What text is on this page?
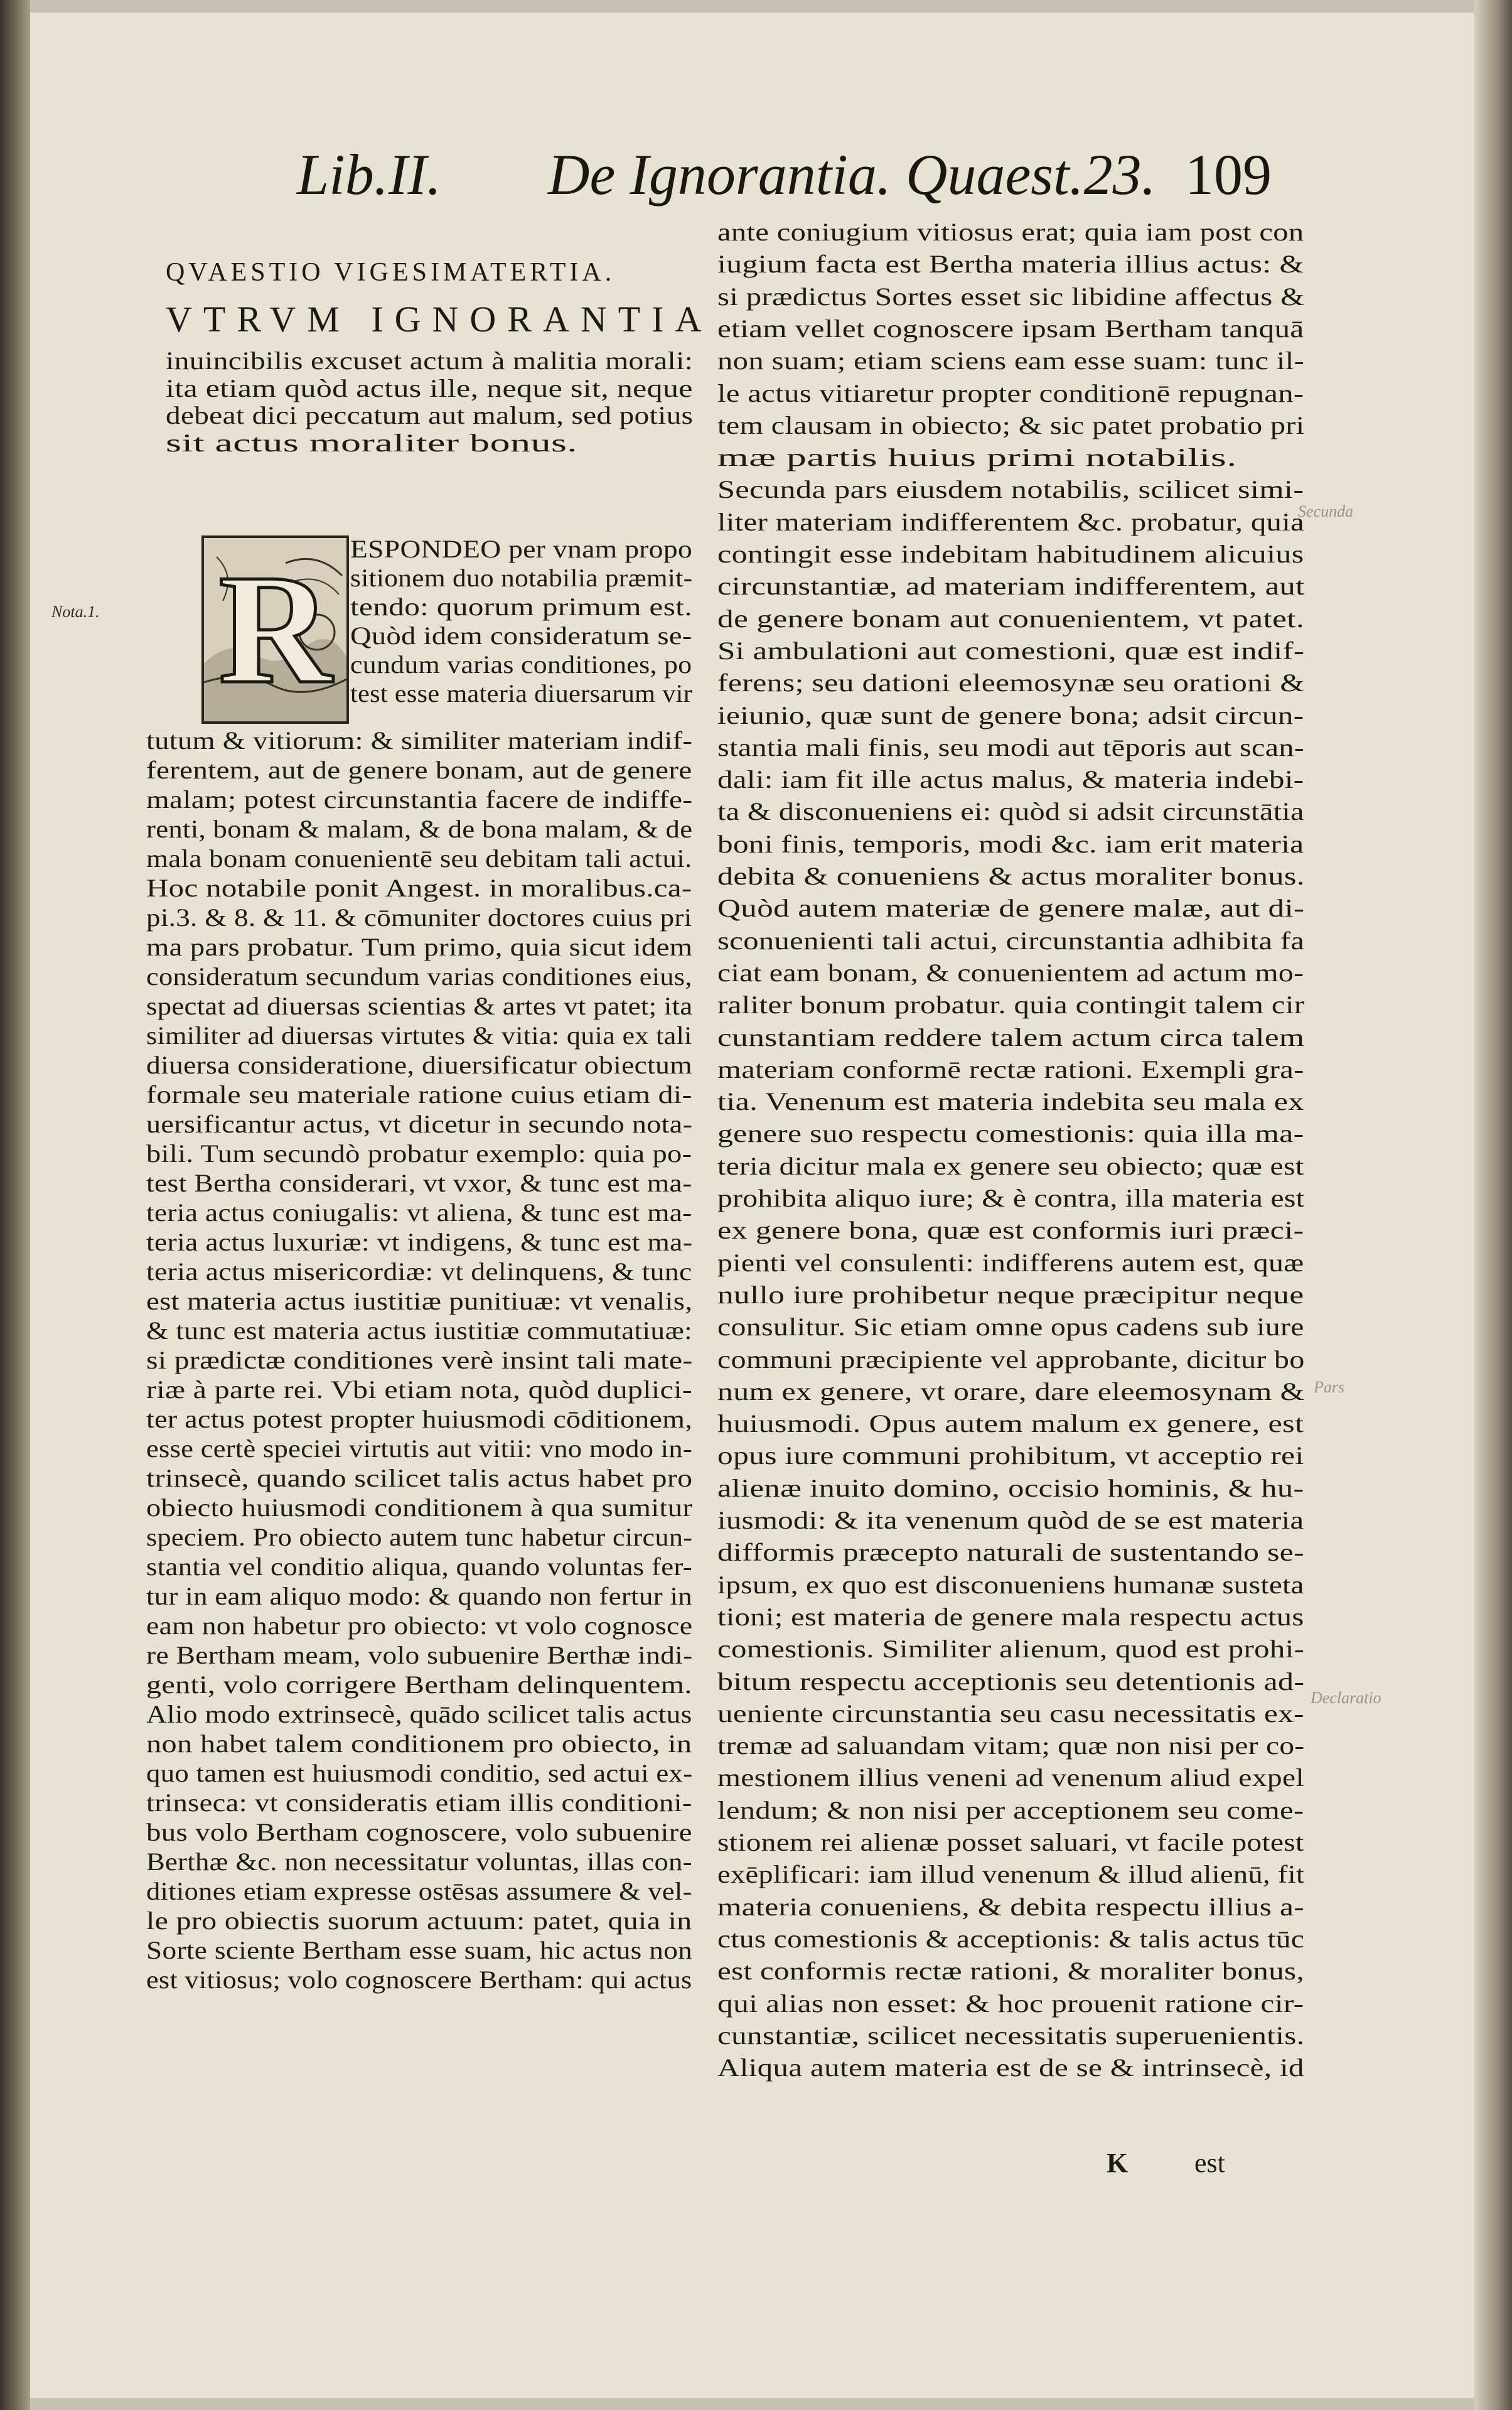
Lib.II. De Ignorantia. Quaest.23. 109
Nota.1.
Secunda
Pars
Declaratio
QVAESTIO VIGESIMATERTIA.
VTRVM IGNORANTIA
inuincibilis excuset actum à malitia morali:
ita etiam quòd actus ille, neque sit, neque
debeat dici peccatum aut malum, sed potius
sit actus moraliter bonus.
R ESPONDEO per vnam propo
sitionem duo notabilia præmit-
tendo: quorum primum est.
Quòd idem consideratum se-
cundum varias conditiones, po
test esse materia diuersarum vir
tutum & vitiorum: & similiter materiam indif-
ferentem, aut de genere bonam, aut de genere
malam; potest circunstantia facere de indiffe-
renti, bonam & malam, & de bona malam, & de
mala bonam conuenientē seu debitam tali actui.
Hoc notabile ponit Angest. in moralibus.ca-
pi.3. & 8. & 11. & cōmuniter doctores cuius pri
ma pars probatur. Tum primo, quia sicut idem
consideratum secundum varias conditiones eius,
spectat ad diuersas scientias & artes vt patet; ita
similiter ad diuersas virtutes & vitia: quia ex tali
diuersa consideratione, diuersificatur obiectum
formale seu materiale ratione cuius etiam di-
uersificantur actus, vt dicetur in secundo nota-
bili. Tum secundò probatur exemplo: quia po-
test Bertha considerari, vt vxor, & tunc est ma-
teria actus coniugalis: vt aliena, & tunc est ma-
teria actus luxuriæ: vt indigens, & tunc est ma-
teria actus misericordiæ: vt delinquens, & tunc
est materia actus iustitiæ punitiuæ: vt venalis,
& tunc est materia actus iustitiæ commutatiuæ:
si prædictæ conditiones verè insint tali mate-
riæ à parte rei. Vbi etiam nota, quòd duplici-
ter actus potest propter huiusmodi cōditionem,
esse certè speciei virtutis aut vitii: vno modo in-
trinsecè, quando scilicet talis actus habet pro
obiecto huiusmodi conditionem à qua sumitur
speciem. Pro obiecto autem tunc habetur circun-
stantia vel conditio aliqua, quando voluntas fer-
tur in eam aliquo modo: & quando non fertur in
eam non habetur pro obiecto: vt volo cognosce
re Bertham meam, volo subuenire Berthæ indi-
genti, volo corrigere Bertham delinquentem.
Alio modo extrinsecè, quādo scilicet talis actus
non habet talem conditionem pro obiecto, in
quo tamen est huiusmodi conditio, sed actui ex-
trinseca: vt consideratis etiam illis conditioni-
bus volo Bertham cognoscere, volo subuenire
Berthæ &c. non necessitatur voluntas, illas con-
ditiones etiam expresse ostēsas assumere & vel-
le pro obiectis suorum actuum: patet, quia in
Sorte sciente Bertham esse suam, hic actus non
est vitiosus; volo cognoscere Bertham: qui actus
ante coniugium vitiosus erat; quia iam post con
iugium facta est Bertha materia illius actus: &
si prædictus Sortes esset sic libidine affectus &
etiam vellet cognoscere ipsam Bertham tanquā
non suam; etiam sciens eam esse suam: tunc il-
le actus vitiaretur propter conditionē repugnan-
tem clausam in obiecto; & sic patet probatio pri
mæ partis huius primi notabilis.
Secunda pars eiusdem notabilis, scilicet simi-
liter materiam indifferentem &c. probatur, quia
contingit esse indebitam habitudinem alicuius
circunstantiæ, ad materiam indifferentem, aut
de genere bonam aut conuenientem, vt patet.
Si ambulationi aut comestioni, quæ est indif-
ferens; seu dationi eleemosynæ seu orationi &
ieiunio, quæ sunt de genere bona; adsit circun-
stantia mali finis, seu modi aut tēporis aut scan-
dali: iam fit ille actus malus, & materia indebi-
ta & disconueniens ei: quòd si adsit circunstātia
boni finis, temporis, modi &c. iam erit materia
debita & conueniens & actus moraliter bonus.
Quòd autem materiæ de genere malæ, aut di-
sconuenienti tali actui, circunstantia adhibita fa
ciat eam bonam, & conuenientem ad actum mo-
raliter bonum probatur. quia contingit talem cir
cunstantiam reddere talem actum circa talem
materiam conformē rectæ rationi. Exempli gra-
tia. Venenum est materia indebita seu mala ex
genere suo respectu comestionis: quia illa ma-
teria dicitur mala ex genere seu obiecto; quæ est
prohibita aliquo iure; & è contra, illa materia est
ex genere bona, quæ est conformis iuri præci-
pienti vel consulenti: indifferens autem est, quæ
nullo iure prohibetur neque præcipitur neque
consulitur. Sic etiam omne opus cadens sub iure
communi præcipiente vel approbante, dicitur bo
num ex genere, vt orare, dare eleemosynam &
huiusmodi. Opus autem malum ex genere, est
opus iure communi prohibitum, vt acceptio rei
alienæ inuito domino, occisio hominis, & hu-
iusmodi: & ita venenum quòd de se est materia
difformis præcepto naturali de sustentando se-
ipsum, ex quo est disconueniens humanæ susteta
tioni; est materia de genere mala respectu actus
comestionis. Similiter alienum, quod est prohi-
bitum respectu acceptionis seu detentionis ad-
ueniente circunstantia seu casu necessitatis ex-
tremæ ad saluandam vitam; quæ non nisi per co-
mestionem illius veneni ad venenum aliud expel
lendum; & non nisi per acceptionem seu come-
stionem rei alienæ posset saluari, vt facile potest
exēplificari: iam illud venenum & illud alienū, fit
materia conueniens, & debita respectu illius a-
ctus comestionis & acceptionis: & talis actus tūc
est conformis rectæ rationi, & moraliter bonus,
qui alias non esset: & hoc prouenit ratione cir-
cunstantiæ, scilicet necessitatis superuenientis.
Aliqua autem materia est de se & intrinsecè, id
K est
